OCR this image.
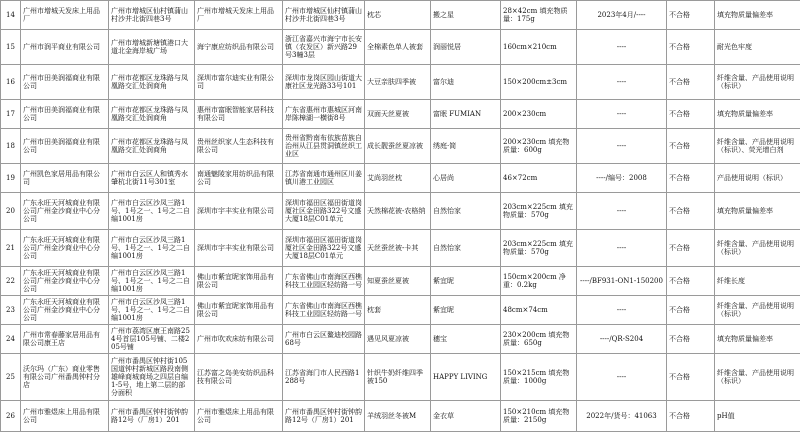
14	广州市增城天发床上用品厂	广州市增城区仙村镇蒲山村沙井北街四巷3号	广州市增城天发床上用品厂	广州市增城区仙村镇蒲山村沙井北街四巷3号	枕芯	搬之星	28×42cm 填充物质量：175g	2023年4月/----	不合格	填充物质量偏差率
15	广州市润平商业有限公司	广州市增城新塘镇港口大道北金海岸城广场	海宁康应纺织品有限公司	浙江省嘉兴市海宁市长安镇（农发区）新兴路29号3幢3层	全棉素色单人被套	润丽悦居	160cm×210cm	----	不合格	耐光色牢度
16	广州市田美润福商业有限公司	广州市花都区龙珠路与凤凰路交汇处润商角	深圳市富尔迪实业有限公司	深圳市龙岗区园山街道大康社区龙光路33号101	大豆亲肤四季被	富尔迪	150×200cm±3cm	----	不合格	纤维含量、产品使用说明（标识）
17	广州市田美润福商业有限公司	广州市花都区龙珠路与凤凰路交汇处润商角	惠州市富眠智能家居科技有限公司	广东省惠州市惠城区河南岸陈樟湖一横街8号	双面天丝夏被	富眠 FUMIAN	200×230cm	----	不合格	填充物质量偏差率
18	广州市田美润福商业有限公司	广州市花都区龙珠路与凤凰路交汇处润商角	贵州丝织家人生态科技有限公司	贵州省黔南布依族苗族自治州从江县贯洞镇丝织工业区	成长靓蚕丝夏凉被	绣庭·简	200×230cm 填充物质量：600g	----	不合格	纤维含量、产品使用说明（标识）、荧光增白剂
19	广州凯色家居用品有限公司	广州市白云区人和镇秀水肇杭北街11号301室	南通魅陵家用纺织品有限公司	江苏省南通市通州区川姜镇川港工业园区	艾尚羽丝枕	心居尚	46×72cm	----/编号：2008	不合格	产品使用说明（标识）
20	广东永旺天河城商业有限公司广州金沙商业中心分公司	广州市白云区沙凤三路1号、1号之一、1号之二自编1001房	深圳市宇丰实业有限公司	深圳市福田区福田街道岗厦社区金田路322号文盛大厦18层C01单元	天然棉花被-农格纳	自然怡家	203cm×225cm 填充物质量：570g	----	不合格	填充物质量偏差率
21	广东永旺天河城商业有限公司广州金沙商业中心分公司	广州市白云区沙凤三路1号、1号之一、1号之二自编1001房	深圳市宇丰实业有限公司	深圳市福田区福田街道岗厦社区金田路322号文盛大厦18层C01单元	天丝蚕丝被-卡其	自然怡家	203cm×225cm 填充物质量：570g	----	不合格	纤维含量、产品使用说明（标识）
22	广东永旺天河城商业有限公司广州金沙商业中心分公司	广州市白云区沙凤三路1号、1号之一、1号之二自编1001房	佛山市紫宜昵家饰用品有限公司	广东省佛山市南海区西樵科技工业园区轻纺路一号	知夏蚕丝夏被	紫宜昵	150cm×200cm 净重：0.2kg	----/BF931-ON1-150200	不合格	纤维长度
23	广东永旺天河城商业有限公司广州金沙商业中心分公司	广州市白云区沙凤三路1号、1号之一、1号之二自编1001房	佛山市紫宜昵家饰用品有限公司	广东省佛山市南海区西樵科技工业园区轻纺路一号	枕套	紫宜昵	48cm×74cm	----	不合格	纤维含量、产品使用说明（标识）
24	广州市常春藤家居用品有限公司康王店	广州市荔湾区康王南路254号首层105号铺、二楼205号铺	广州市吹欢床纺有限公司	广州市白云区鳌迪校园路68号	遇见风夏凉被	穗宝	230×200cm 填充物质量：650g	----/QR-S204	不合格	填充物质量偏差率
25	沃尔玛（广东）商业零售有限公司广州番禺钟村分店	广州市番禺区钟村街105国道钟村新城区路段南侧雄峰商城商场之四层自编1-5号，地上第二层的部分面积	江苏富之岛美安纺织品科技有限公司	江苏省海门市人民西路1288号	针织牛奶纤维四季被150	HAPPY LIVING	150×215cm 填充物质量：1000g	----	不合格	纤维含量、产品使用说明（标识）
26	广州市雅煜床上用品有限公司	广州市番禺区钟村街钟韵路12号（厂房1）201	广州市雅煜床上用品有限公司	广州市番禺区钟村街钟韵路12号（厂房1）201	羊绒羽丝冬被M	金衣草	150×210cm 填充物质量：2150g	2022年/货号：41063	不合格	pH值
